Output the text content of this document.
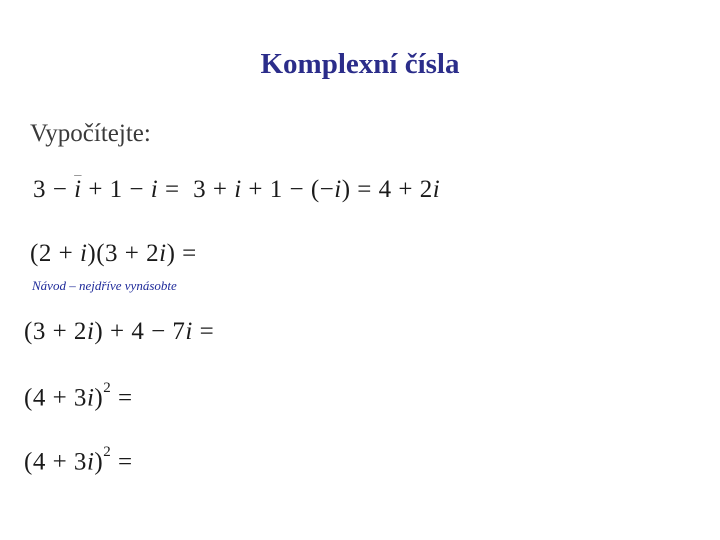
Komplexní čísla
Vypočítejte:
$3 - \overline{i} + 1 - i = 3 + i + 1 - (-i) = 4 + 2i$
(2 + i)(3 + 2i) =
Návod – nejdříve vynásobte
(3 + 2i) + 4 − 7i =
$(4 + 3i)^2$ =
$(4 + 3i)^2$ =
